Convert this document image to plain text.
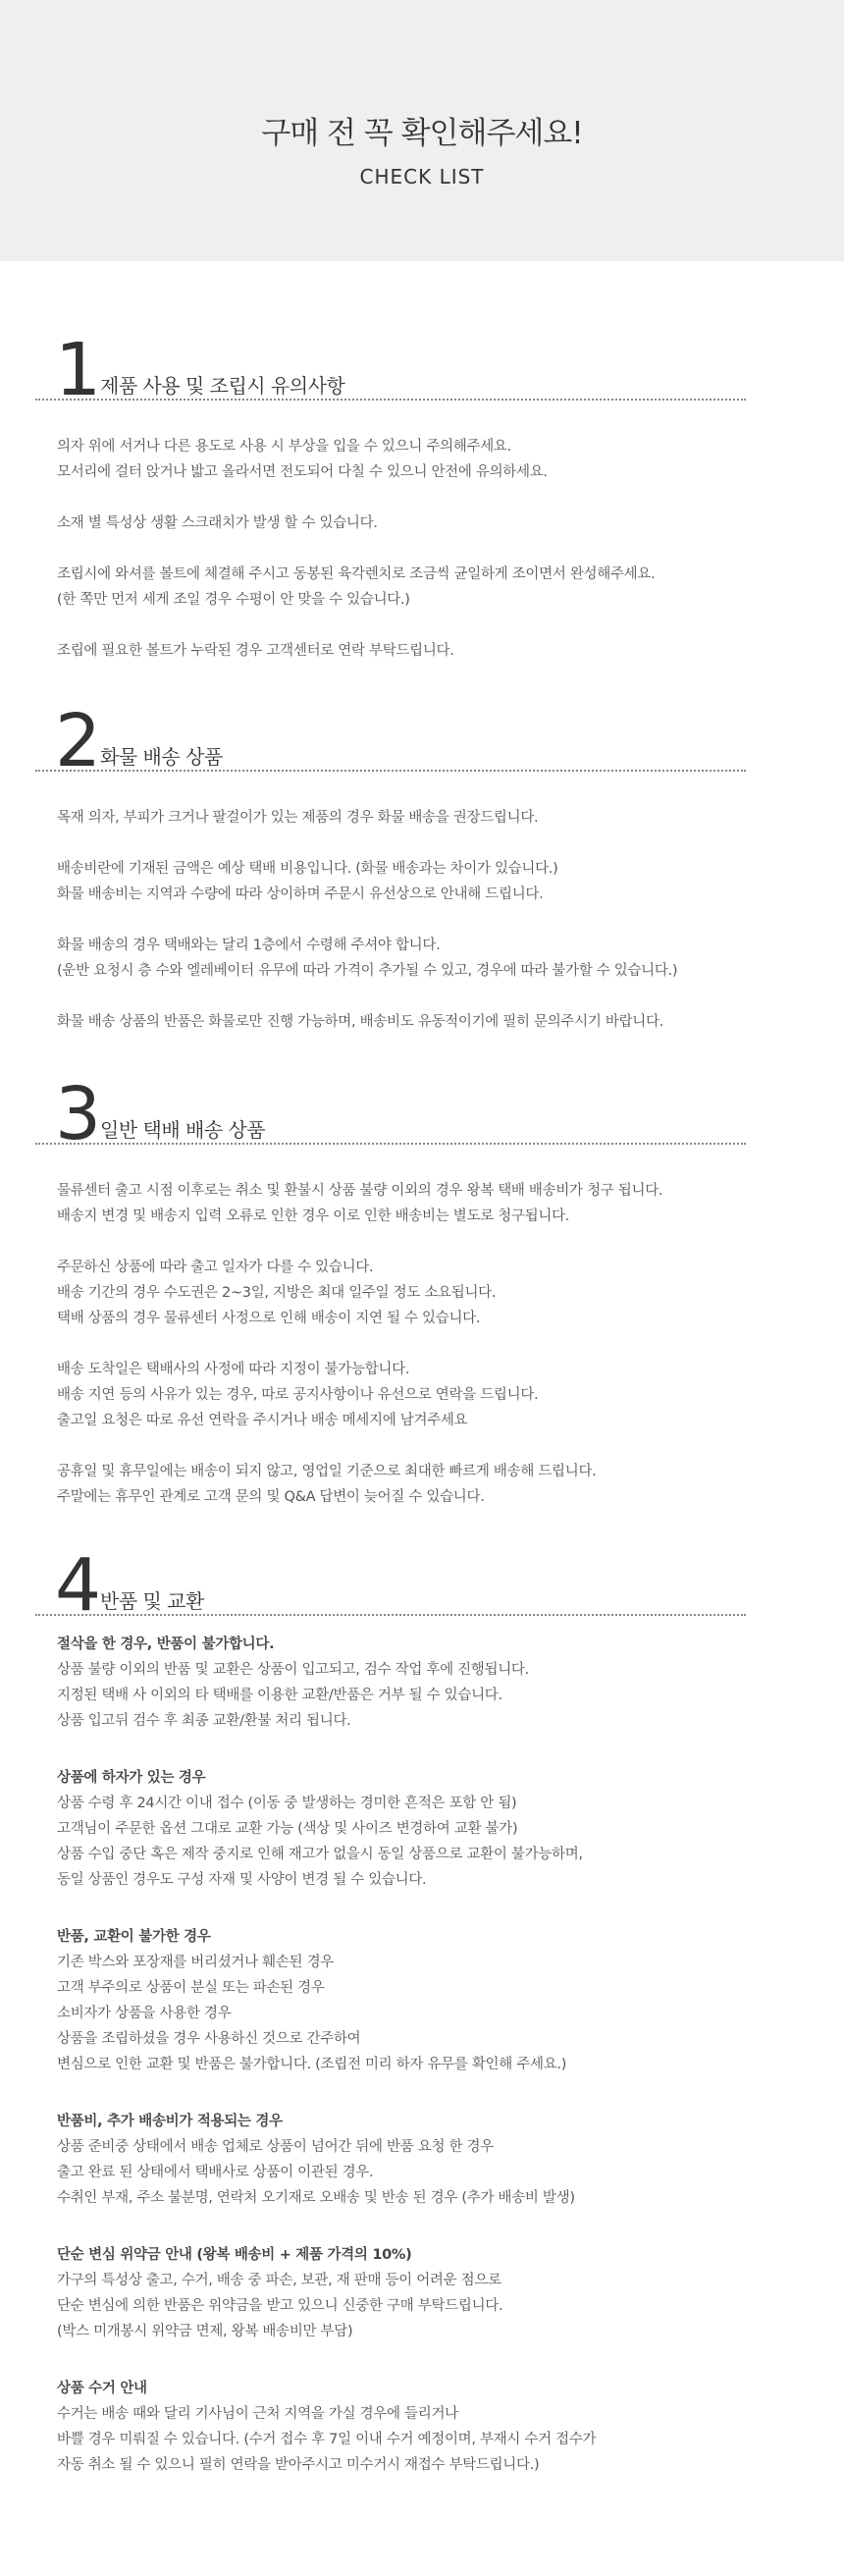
구매 전 꼭 확인해주세요!
CHECK LIST
1
제품 사용 및 조립시 유의사항
의자 위에 서거나 다른 용도로 사용 시 부상을 입을 수 있으니 주의해주세요.
모서리에 걸터 앉거나 밟고 올라서면 전도되어 다칠 수 있으니 안전에 유의하세요.
소재 별 특성상 생활 스크래치가 발생 할 수 있습니다.
조립시에 와셔를 볼트에 체결해 주시고 동봉된 육각렌치로 조금씩 균일하게 조이면서 완성해주세요.
(한 쪽만 먼저 세게 조일 경우 수평이 안 맞을 수 있습니다.)
조립에 필요한 볼트가 누락된 경우 고객센터로 연락 부탁드립니다.
2
화물 배송 상품
목재 의자, 부피가 크거나 팔걸이가 있는 제품의 경우 화물 배송을 권장드립니다.
배송비란에 기재된 금액은 예상 택배 비용입니다. (화물 배송과는 차이가 있습니다.)
화물 배송비는 지역과 수량에 따라 상이하며 주문시 유선상으로 안내해 드립니다.
화물 배송의 경우 택배와는 달리 1층에서 수령해 주셔야 합니다.
(운반 요청시 층 수와 엘레베이터 유무에 따라 가격이 추가될 수 있고, 경우에 따라 불가할 수 있습니다.)
화물 배송 상품의 반품은 화물로만 진행 가능하며, 배송비도 유동적이기에 필히 문의주시기 바랍니다.
3
일반 택배 배송 상품
물류센터 출고 시점 이후로는 취소 및 환불시 상품 불량 이외의 경우 왕복 택배 배송비가 청구 됩니다.
배송지 변경 및 배송지 입력 오류로 인한 경우 이로 인한 배송비는 별도로 청구됩니다.
주문하신 상품에 따라 출고 일자가 다를 수 있습니다.
배송 기간의 경우 수도권은 2~3일, 지방은 최대 일주일 정도 소요됩니다.
택배 상품의 경우 물류센터 사정으로 인해 배송이 지연 될 수 있습니다.
배송 도착일은 택배사의 사정에 따라 지정이 불가능합니다.
배송 지연 등의 사유가 있는 경우, 따로 공지사항이나 유선으로 연락을 드립니다.
출고일 요청은 따로 유선 연락을 주시거나 배송 메세지에 남겨주세요
공휴일 및 휴무일에는 배송이 되지 않고, 영업일 기준으로 최대한 빠르게 배송해 드립니다.
주말에는 휴무인 관계로 고객 문의 및 Q&A 답변이 늦어질 수 있습니다.
4
반품 및 교환
절삭을 한 경우, 반품이 불가합니다.
상품 불량 이외의 반품 및 교환은 상품이 입고되고, 검수 작업 후에 진행됩니다.
지정된 택배 사 이외의 타 택배를 이용한 교환/반품은 거부 될 수 있습니다.
상품 입고뒤 검수 후 최종 교환/환불 처리 됩니다.
상품에 하자가 있는 경우
상품 수령 후 24시간 이내 접수 (이동 중 발생하는 경미한 흔적은 포함 안 됨)
고객님이 주문한 옵션 그대로 교환 가능 (색상 및 사이즈 변경하여 교환 불가)
상품 수입 중단 혹은 제작 중지로 인해 재고가 없을시 동일 상품으로 교환이 불가능하며,
동일 상품인 경우도 구성 자재 및 사양이 변경 될 수 있습니다.
반품, 교환이 불가한 경우
기존 박스와 포장재를 버리셨거나 훼손된 경우
고객 부주의로 상품이 분실 또는 파손된 경우
소비자가 상품을 사용한 경우
상품을 조립하셨을 경우 사용하신 것으로 간주하여
변심으로 인한 교환 및 반품은 불가합니다. (조립전 미리 하자 유무를 확인해 주세요.)
반품비, 추가 배송비가 적용되는 경우
상품 준비중 상태에서 배송 업체로 상품이 넘어간 뒤에 반품 요청 한 경우
출고 완료 된 상태에서 택배사로 상품이 이관된 경우.
수취인 부재, 주소 불분명, 연락처 오기재로 오배송 및 반송 된 경우 (추가 배송비 발생)
단순 변심 위약금 안내 (왕복 배송비 + 제품 가격의 10%)
가구의 특성상 출고, 수거, 배송 중 파손, 보관, 재 판매 등이 어려운 점으로
단순 변심에 의한 반품은 위약금을 받고 있으니 신중한 구매 부탁드립니다.
(박스 미개봉시 위약금 면제, 왕복 배송비만 부담)
상품 수거 안내
수거는 배송 때와 달리 기사님이 근처 지역을 가실 경우에 들리거나
바쁠 경우 미뤄질 수 있습니다. (수거 접수 후 7일 이내 수거 예정이며, 부재시 수거 접수가
자동 취소 될 수 있으니 필히 연락을 받아주시고 미수거시 재접수 부탁드립니다.)
